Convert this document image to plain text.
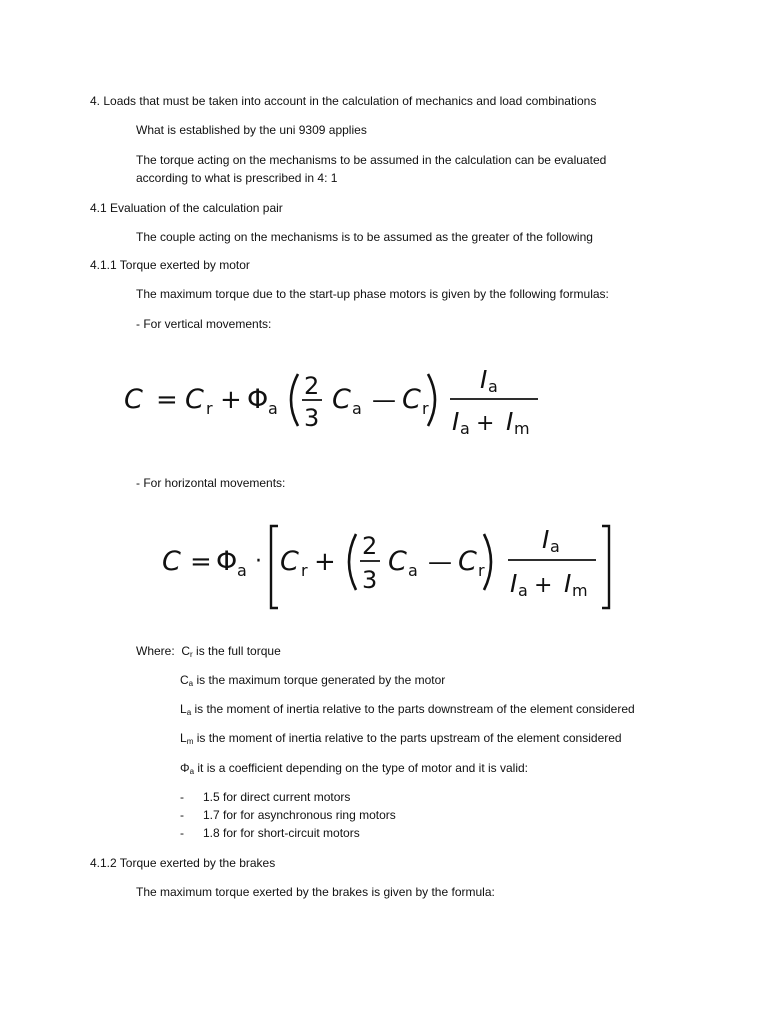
4. Loads that must be taken into account in the calculation of mechanics and load combinations
What is established by the uni 9309 applies
The torque acting on the mechanisms to be assumed in the calculation can be evaluated
according to what is prescribed in 4: 1
4.1 Evaluation of the calculation pair
The couple acting on the mechanisms is to be assumed as the greater of the following
4.1.1 Torque exerted by motor
The maximum torque due to the start-up phase motors is given by the following formulas:
- For vertical movements:
C = C r + Φ a
2
3
C a — C r
I a
I a + I m
- For horizontal movements:
C = Φ a · C r +
2
3
C a — C r
I a
I a + I m
Where: $C_r$ is the full torque
$C_a$ is the maximum torque generated by the motor
$L_a$ is the moment of inertia relative to the parts downstream of the element considered
$L_m$ is the moment of inertia relative to the parts upstream of the element considered
$\Phi_a$ it is a coefficient depending on the type of motor and it is valid:
- 1.5 for direct current motors
- 1.7 for for asynchronous ring motors
- 1.8 for for short-circuit motors
4.1.2 Torque exerted by the brakes
The maximum torque exerted by the brakes is given by the formula:
